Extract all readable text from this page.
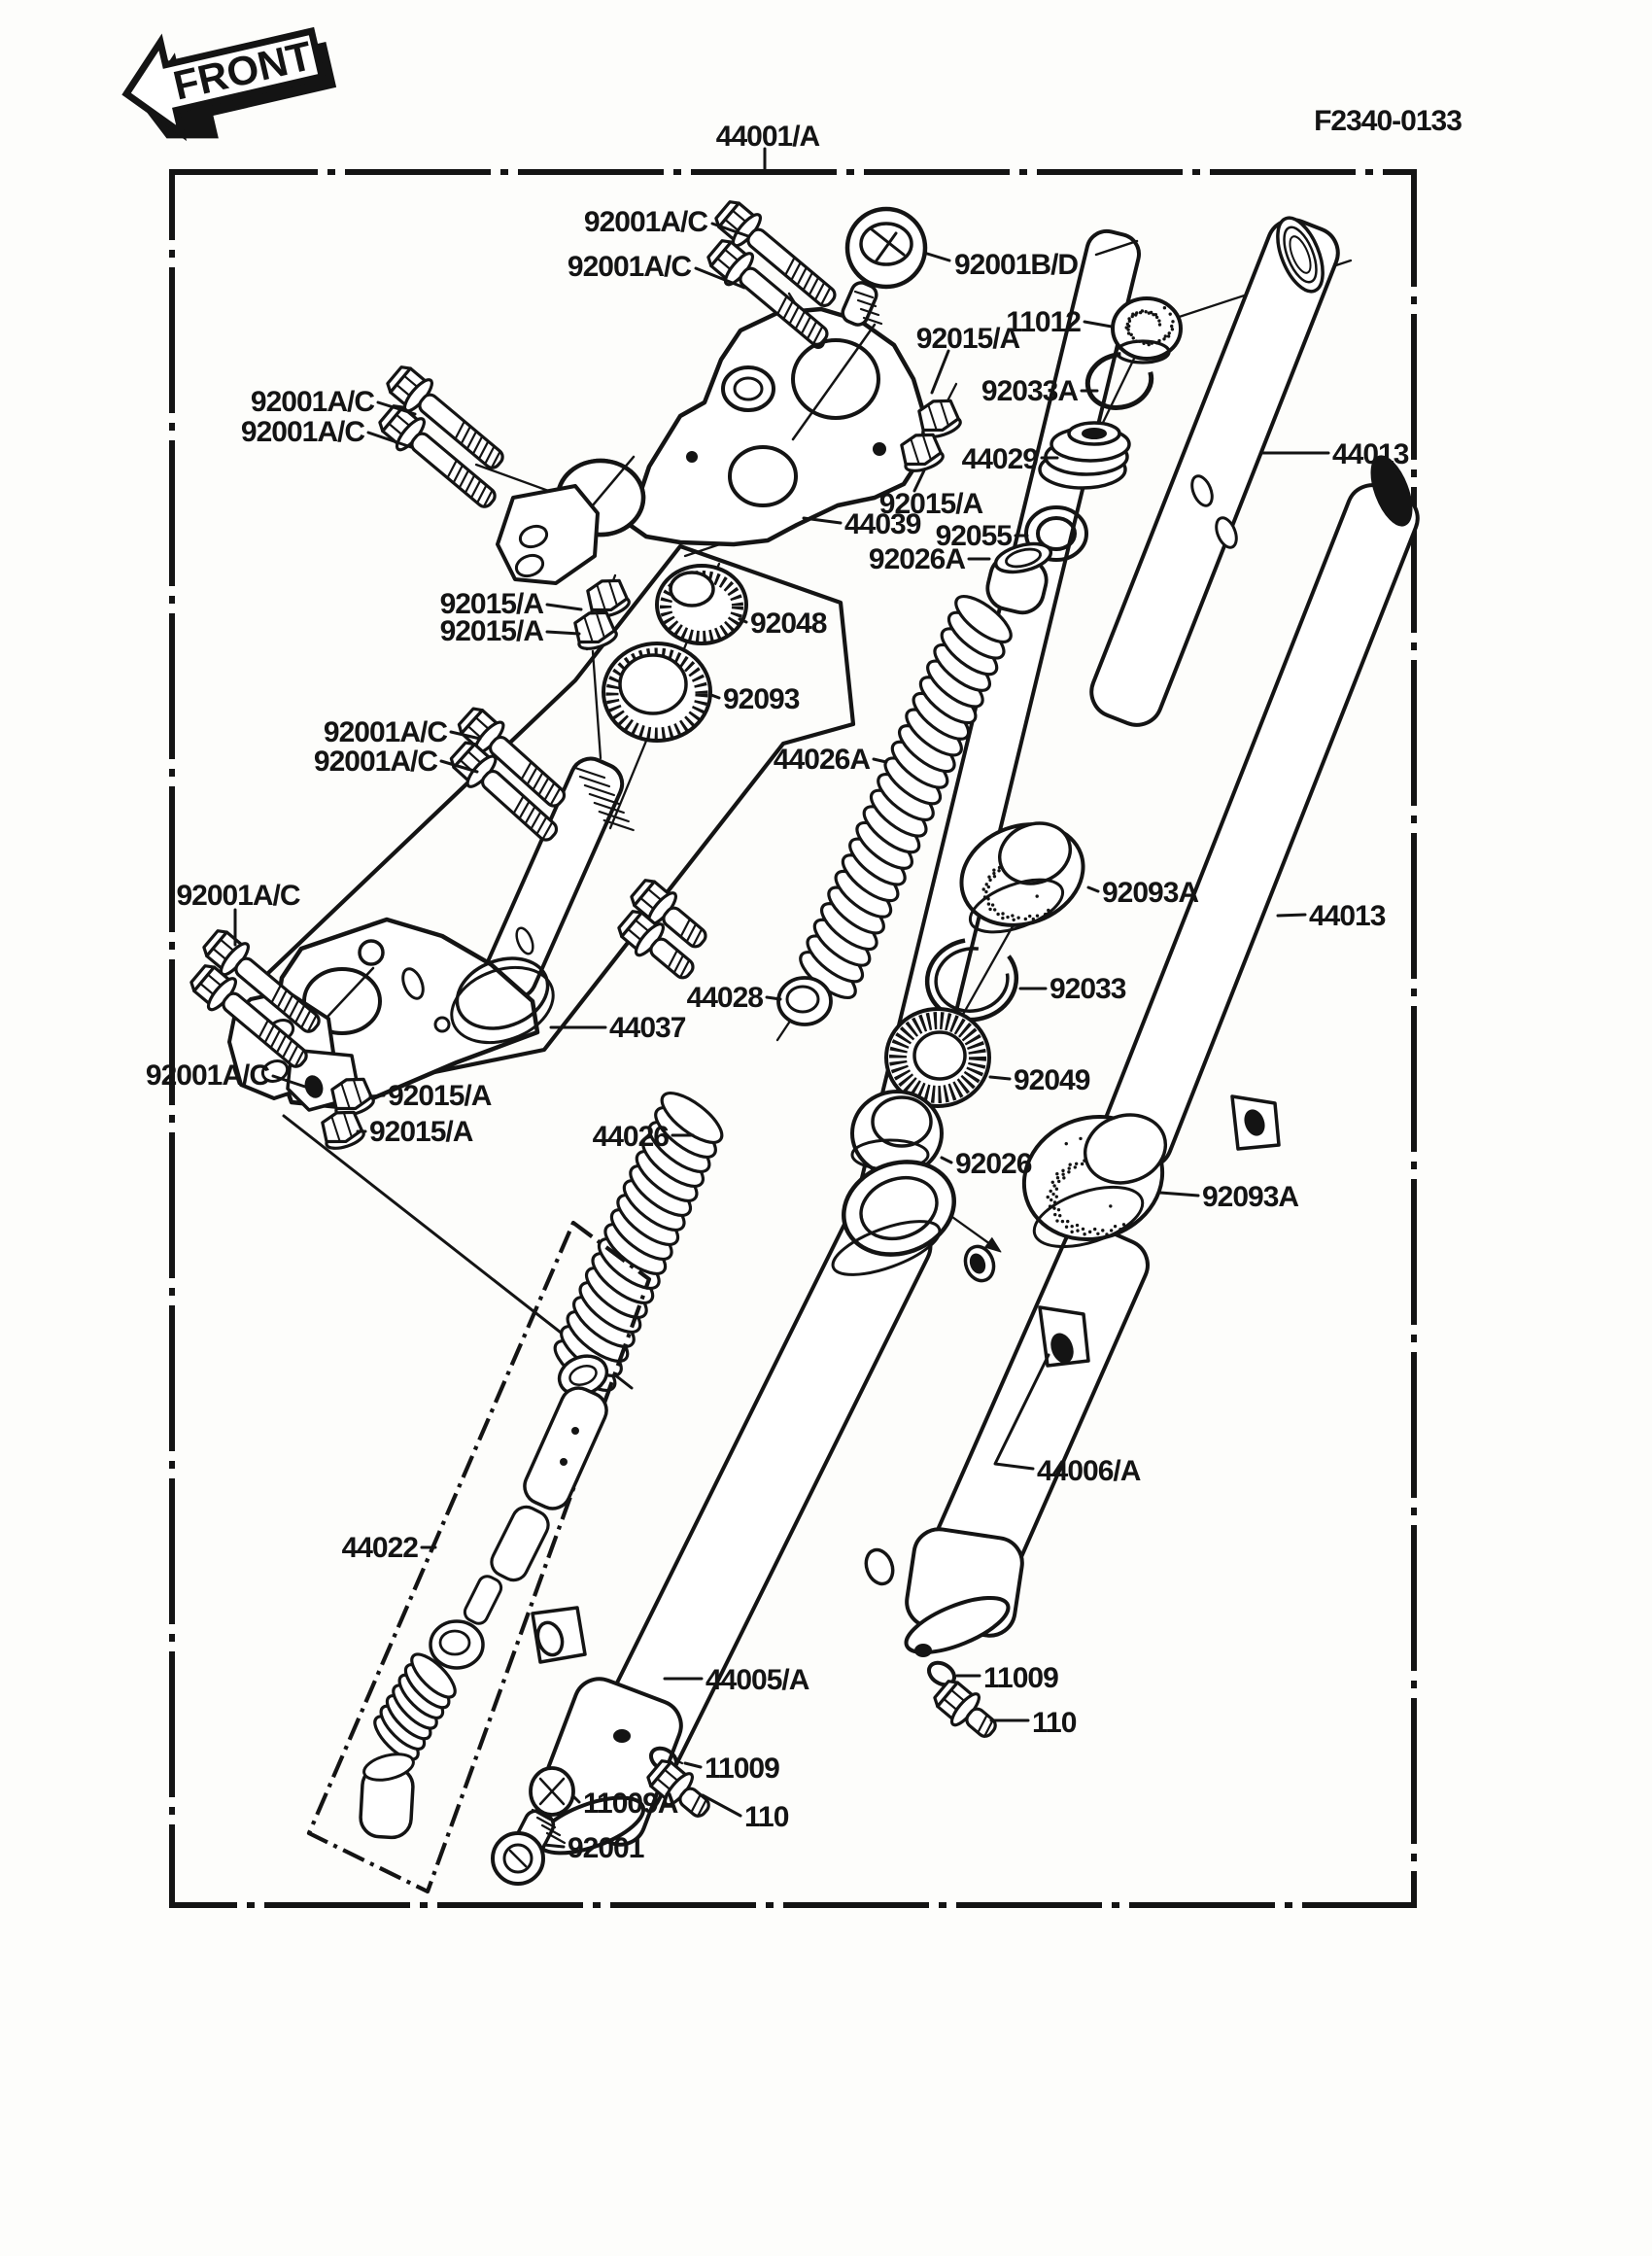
44001/A	F2340-0133
92001A/C
92001A/C	92001B/D
11012
92015/A
92033A
44029
92015/A
92055
44039
92026A
44013
92015/A
92015/A	92048
92093
92001A/C
92001A/C
92001A/C
92001A/C	44026A
92093A
44013
92001A/C
92033
44028
44037
92049
92001A/C
92015/A
92015/A	44026
92026
92093A
44022
44006/A
44005/A
11009
110
11009
110
11009A
92001
FRONT
